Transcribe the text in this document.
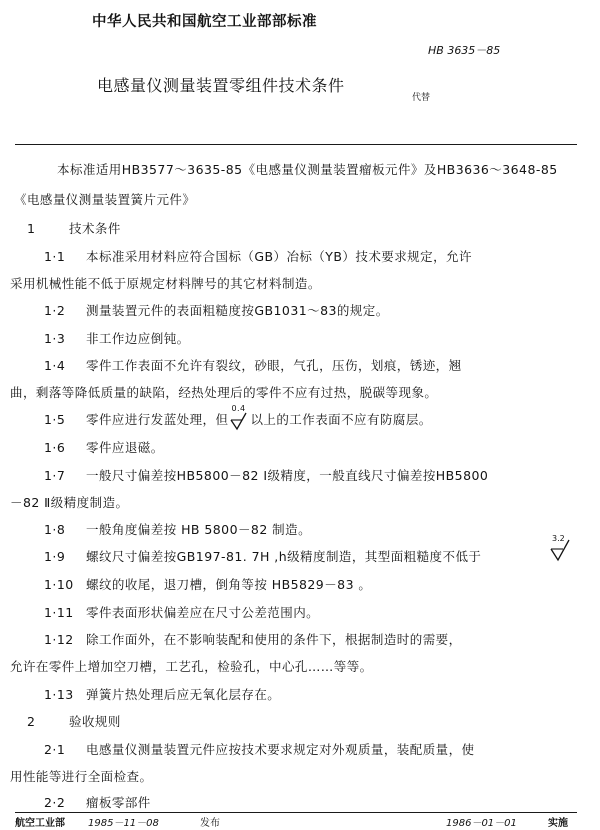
中华人民共和国航空工业部部标准
HB 3635－85
电感量仪测量装置零组件技术条件
代替
本标准适用HB3577～3635-85《电感量仪测量装置瘤板元件》及HB3636～3648-85
《电感量仪测量装置簧片元件》
1	技术条件
1·1 本标准采用材料应符合国标（GB）冶标（YB）技术要求规定，允许
采用机械性能不低于原规定材料牌号的其它材料制造。
1·2 测量装置元件的表面粗糙度按GB1031～83的规定。
1·3 非工作边应倒钝。
1·4 零件工作表面不允许有裂纹，砂眼，气孔，压伤，划痕，锈迹，翘
曲，剩落等降低质量的缺陷，经热处理后的零件不应有过热，脱碳等现象。
1·5 零件应进行发蓝处理，但
0.4
以上的工作表面不应有防腐层。
1·6 零件应退磁。
1·7 一般尺寸偏差按HB5800－82 Ⅰ级精度，一般直线尺寸偏差按HB5800
－82 Ⅱ级精度制造。
1·8 一般角度偏差按 HB 5800－82 制造。
1·9 螺纹尺寸偏差按GB197-81. 7H ,h级精度制造，其型面粗糙度不低于
3.2
1·10 螺纹的收尾，退刀槽，倒角等按 HB5829－83 。
1·11 零件表面形状偏差应在尺寸公差范围内。
1·12 除工作面外，在不影响装配和使用的条件下，根据制造时的需要，
允许在零件上增加空刀槽，工艺孔，检验孔，中心孔……等等。
1·13 弹簧片热处理后应无氧化层存在。
2	验收规则
2·1 电感量仪测量装置元件应按技术要求规定对外观质量，装配质量，使
用性能等进行全面检查。
2·2 瘤板零部件
航空工业部 1985－11－08	发布	1986－01－01	实施
